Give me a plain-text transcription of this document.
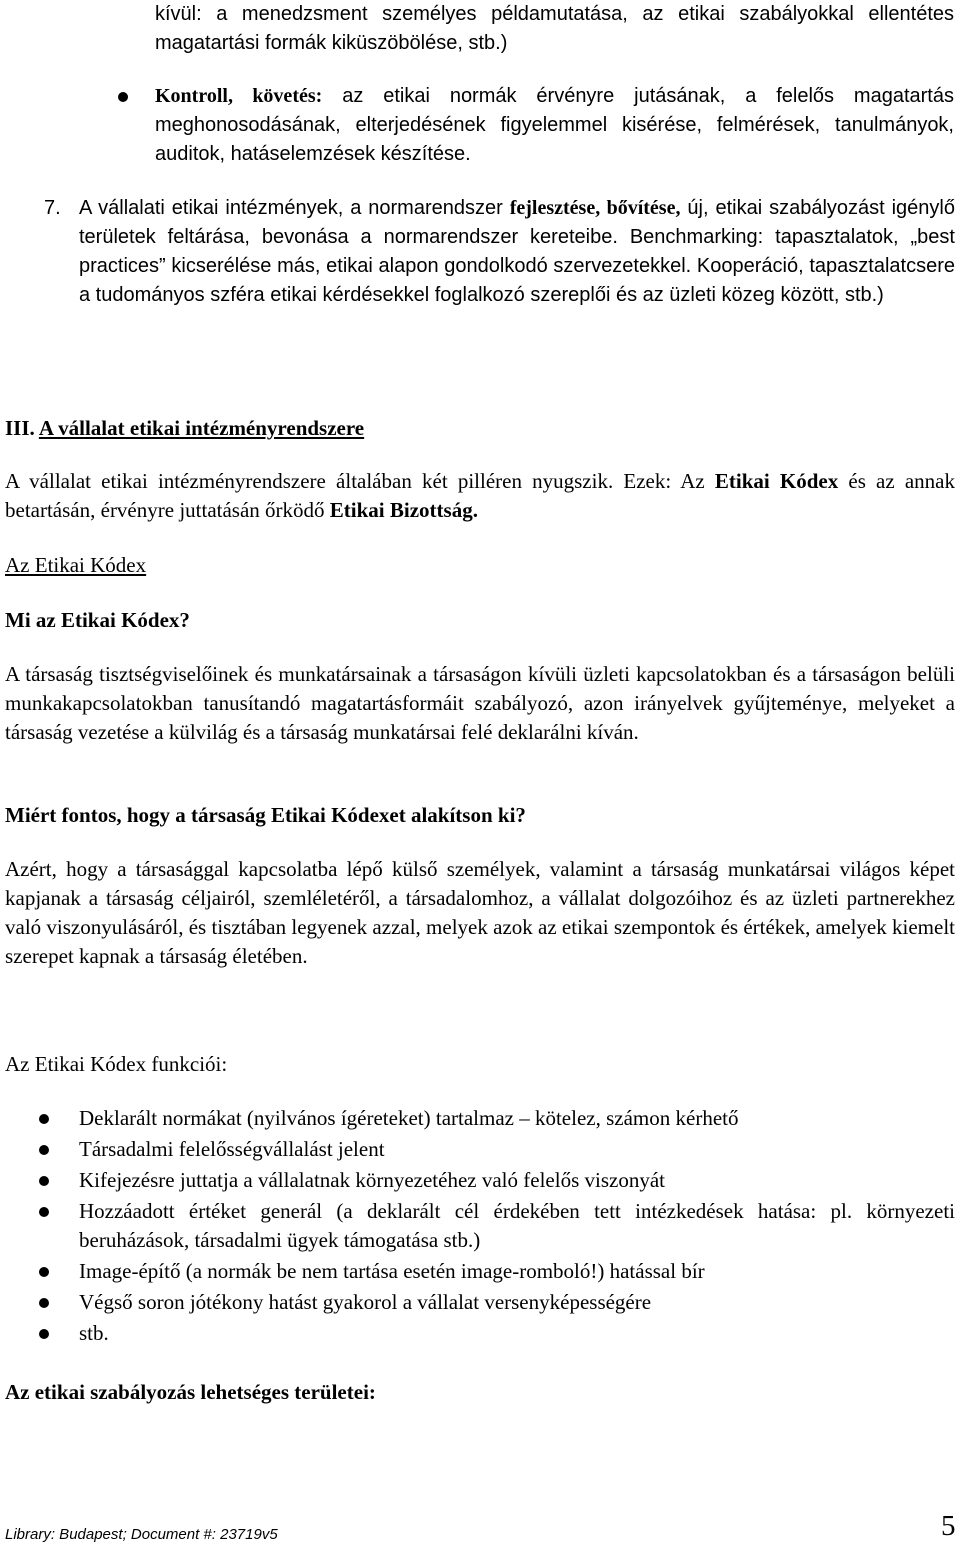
kívül: a menedzsment személyes példamutatása, az etikai szabályokkal ellentétes magatartási formák kiküszöbölése, stb.)

Kontroll, követés: az etikai normák érvényre jutásának, a felelős magatartás meghonosodásának, elterjedésének figyelemmel kisérése, felmérések, tanulmányok, auditok, hatáselemzések készítése.

7. A vállalati etikai intézmények, a normarendszer fejlesztése, bővítése, új, etikai szabályozást igénylő területek feltárása, bevonása a normarendszer kereteibe. Benchmarking: tapasztalatok, „best practices” kicserélése más, etikai alapon gondolkodó szervezetekkel. Kooperáció, tapasztalatcsere a tudományos szféra etikai kérdésekkel foglalkozó szereplői és az üzleti közeg között, stb.)

III. A vállalat etikai intézményrendszere

A vállalat etikai intézményrendszere általában két pilléren nyugszik. Ezek: Az Etikai Kódex és az annak betartásán, érvényre juttatásán őrködő Etikai Bizottság.

Az Etikai Kódex
Mi az Etikai Kódex?

A társaság tisztségviselőinek és munkatársainak a társaságon kívüli üzleti kapcsolatokban és a társaságon belüli munkakapcsolatokban tanusítandó magatartásformáit szabályozó, azon irányelvek gyűjteménye, melyeket a társaság vezetése a külvilág és a társaság munkatársai felé deklarálni kíván.

Miért fontos, hogy a társaság Etikai Kódexet alakítson ki?

Azért, hogy a társasággal kapcsolatba lépő külső személyek, valamint a társaság munkatársai világos képet kapjanak a társaság céljairól, szemléletéről, a társadalomhoz, a vállalat dolgozóihoz és az üzleti partnerekhez való viszonyulásáról, és tisztában legyenek azzal, melyek azok az etikai szempontok és értékek, amelyek kiemelt szerepet kapnak a társaság életében.

Az Etikai Kódex funkciói:
Deklarált normákat (nyilvános ígéreteket) tartalmaz – kötelez, számon kérhető
Társadalmi felelősségvállalást jelent
Kifejezésre juttatja a vállalatnak környezetéhez való felelős viszonyát
Hozzáadott értéket generál (a deklarált cél érdekében tett intézkedések hatása: pl. környezeti beruházások, társadalmi ügyek támogatása stb.)
Image-építő (a normák be nem tartása esetén image-romboló!) hatással bír
Végső soron jótékony hatást gyakorol a vállalat versenyképességére
stb.
Az etikai szabályozás lehetséges területei:
Library: Budapest; Document #: 23719v5	5
